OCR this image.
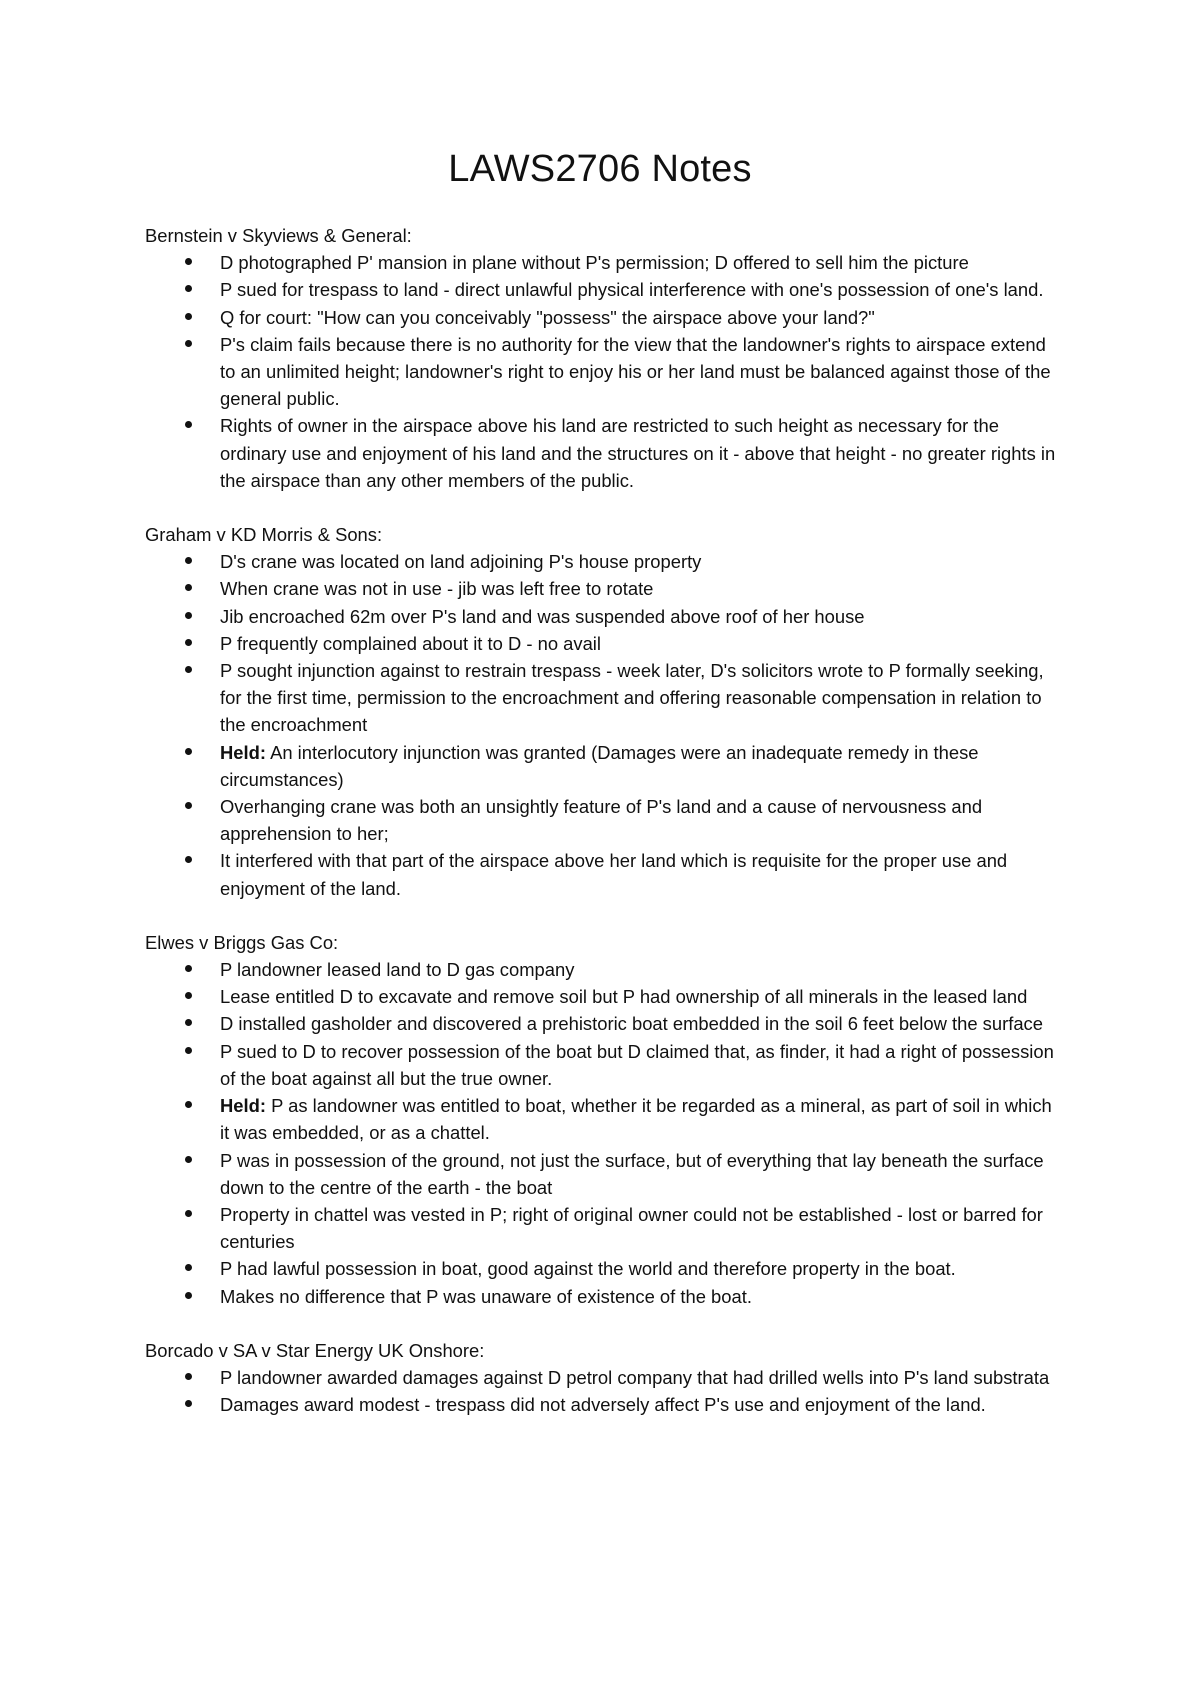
LAWS2706 Notes

Bernstein v Skyviews & General:

D photographed P' mansion in plane without P's permission; D offered to sell him the picture
P sued for trespass to land - direct unlawful physical interference with one's possession of one's land.
Q for court: "How can you conceivably "possess" the airspace above your land?"
P's claim fails because there is no authority for the view that the landowner's rights to airspace extend to an unlimited height; landowner's right to enjoy his or her land must be balanced against those of the general public.
Rights of owner in the airspace above his land are restricted to such height as necessary for the ordinary use and enjoyment of his land and the structures on it - above that height - no greater rights in the airspace than any other members of the public.

Graham v KD Morris & Sons:

D's crane was located on land adjoining P's house property
When crane was not in use - jib was left free to rotate
Jib encroached 62m over P's land and was suspended above roof of her house
P frequently complained about it to D - no avail
P sought injunction against to restrain trespass - week later, D's solicitors wrote to P formally seeking, for the first time, permission to the encroachment and offering reasonable compensation in relation to the encroachment
Held: An interlocutory injunction was granted (Damages were an inadequate remedy in these circumstances)
Overhanging crane was both an unsightly feature of P's land and a cause of nervousness and apprehension to her;
It interfered with that part of the airspace above her land which is requisite for the proper use and enjoyment of the land.

Elwes v Briggs Gas Co:

P landowner leased land to D gas company
Lease entitled D to excavate and remove soil but P had ownership of all minerals in the leased land
D installed gasholder and discovered a prehistoric boat embedded in the soil 6 feet below the surface
P sued to D to recover possession of the boat but D claimed that, as finder, it had a right of possession of the boat against all but the true owner.
Held: P as landowner was entitled to boat, whether it be regarded as a mineral, as part of soil in which it was embedded, or as a chattel.
P was in possession of the ground, not just the surface, but of everything that lay beneath the surface down to the centre of the earth - the boat
Property in chattel was vested in P; right of original owner could not be established - lost or barred for centuries
P had lawful possession in boat, good against the world and therefore property in the boat.
Makes no difference that P was unaware of existence of the boat.

Borcado v SA v Star Energy UK Onshore:

P landowner awarded damages against D petrol company that had drilled wells into P's land substrata
Damages award modest - trespass did not adversely affect P's use and enjoyment of the land.
